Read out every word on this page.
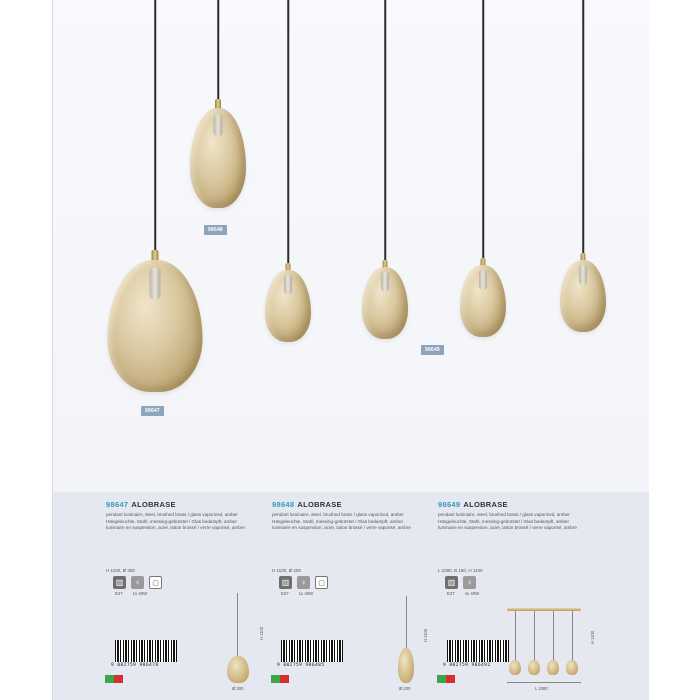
98648
98647
98649
98647 ALOBRASE
pendant luminaire, steel, brushed brass / glass vaporized, amber Hängeleuchte, Stahl, messing-gebürstet / Glas bedampft, amber luminaire en suspension, acier, laiton brossé / verre vaporisé, ambre
H 1100, Ø 300
▥	♀	▢
E27 1x 40W
9 002759 986478
H 1100
Ø 300
98648 ALOBRASE
pendant luminaire, steel, brushed brass / glass vaporized, amber Hängeleuchte, Stahl, messing-gebürstet / Glas bedampft, amber luminaire en suspension, acier, laiton brossé / verre vaporisé, ambre
H 1100, Ø 200
▥	♀	▢
E27 1x 40W
9 002759 986485
H 1100
Ø 200
98649 ALOBRASE
pendant luminaire, steel, brushed brass / glass vaporized, amber Hängeleuchte, Stahl, messing-gebürstet / Glas bedampft, amber luminaire en suspension, acier, laiton brossé / verre vaporisé, ambre
L 1080, B 150, H 1100
▥	♀
E27 4x 40W
9 002759 986492
H 1100
L 1080
